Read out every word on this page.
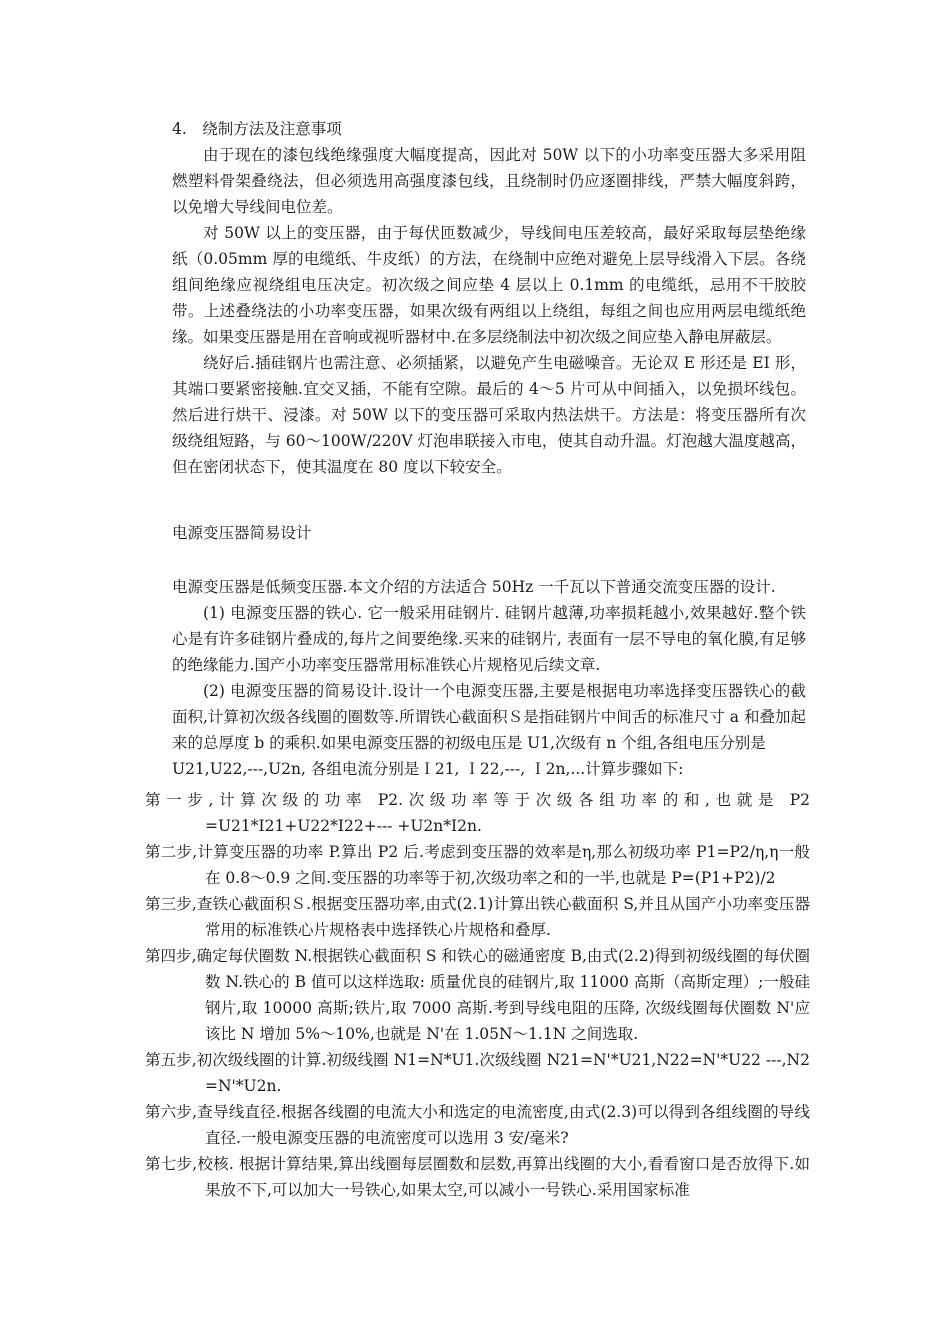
4.　绕制方法及注意事项

由于现在的漆包线绝缘强度大幅度提高，因此对 50W 以下的小功率变压器大多采用阻燃塑料骨架叠绕法，但必须选用高强度漆包线，且绕制时仍应逐圈排线，严禁大幅度斜跨，以免增大导线间电位差。

对 50W 以上的变压器，由于每伏匝数减少，导线间电压差较高，最好采取每层垫绝缘纸（0.05mm 厚的电缆纸、牛皮纸）的方法，在绕制中应绝对避免上层导线滑入下层。各绕组间绝缘应视绕组电压决定。初次级之间应垫 4 层以上 0.1mm 的电缆纸，忌用不干胶胶带。上述叠绕法的小功率变压器，如果次级有两组以上绕组，每组之间也应用两层电缆纸绝缘。如果变压器是用在音响或视听器材中.在多层绕制法中初次级之间应垫入静电屏蔽层。

绕好后.插硅钢片也需注意、必须插紧，以避免产生电磁噪音。无论双 E 形还是 EI 形，其端口要紧密接触.宜交叉插，不能有空隙。最后的 4～5 片可从中间插入，以免损坏线包。然后进行烘干、浸漆。对 50W 以下的变压器可采取内热法烘干。方法是：将变压器所有次级绕组短路，与 60～100W/220V 灯泡串联接入市电，使其自动升温。灯泡越大温度越高，但在密闭状态下，使其温度在 80 度以下较安全。

电源变压器简易设计

电源变压器是低频变压器.本文介绍的方法适合 50Hz 一千瓦以下普通交流变压器的设计.

(1) 电源变压器的铁心. 它一般采用硅钢片. 硅钢片越薄,功率损耗越小,效果越好.整个铁心是有许多硅钢片叠成的,每片之间要绝缘.买来的硅钢片, 表面有一层不导电的氧化膜,有足够的绝缘能力.国产小功率变压器常用标准铁心片规格见后续文章.

(2) 电源变压器的简易设计.设计一个电源变压器,主要是根据电功率选择变压器铁心的截面积,计算初次级各线圈的圈数等.所谓铁心截面积Ｓ是指硅钢片中间舌的标准尺寸 a 和叠加起来的总厚度 b 的乘积.如果电源变压器的初级电压是 U1,次级有 n 个组,各组电压分别是

U21,U22,---,U2n, 各组电流分别是Ｉ21, Ｉ22,---, Ｉ2n,...计算步骤如下:

第一步,计算次级的功率 P2.次级功率等于次级各组功率的和,也就是 P2 =U21*I21+U22*I22+--- +U2n*I2n.

第二步,计算变压器的功率 P.算出 P2 后.考虑到变压器的效率是η,那么初级功率 P1=P2/η,η一般在 0.8～0.9 之间.变压器的功率等于初,次级功率之和的一半,也就是 P=(P1+P2)/2

第三步,查铁心截面积Ｓ.根据变压器功率,由式(2.1)计算出铁心截面积 S,并且从国产小功率变压器常用的标准铁心片规格表中选择铁心片规格和叠厚.

第四步,确定每伏圈数 N.根据铁心截面积 S 和铁心的磁通密度 B,由式(2.2)得到初级线圈的每伏圈数 N.铁心的 B 值可以这样选取: 质量优良的硅钢片,取 11000 高斯（高斯定理）;一般硅钢片,取 10000 高斯;铁片,取 7000 高斯.考到导线电阻的压降, 次级线圈每伏圈数 N'应该比 N 增加 5%～10%,也就是 N'在 1.05N～1.1N 之间选取.

第五步,初次级线圈的计算.初级线圈 N1=N*U1.次级线圈 N21=N'*U21,N22=N'*U22 ---,N2 =N'*U2n.

第六步,查导线直径.根据各线圈的电流大小和选定的电流密度,由式(2.3)可以得到各组线圈的导线直径.一般电源变压器的电流密度可以选用 3 安/毫米?

第七步,校核. 根据计算结果,算出线圈每层圈数和层数,再算出线圈的大小,看看窗口是否放得下.如果放不下,可以加大一号铁心,如果太空,可以减小一号铁心.采用国家标准
